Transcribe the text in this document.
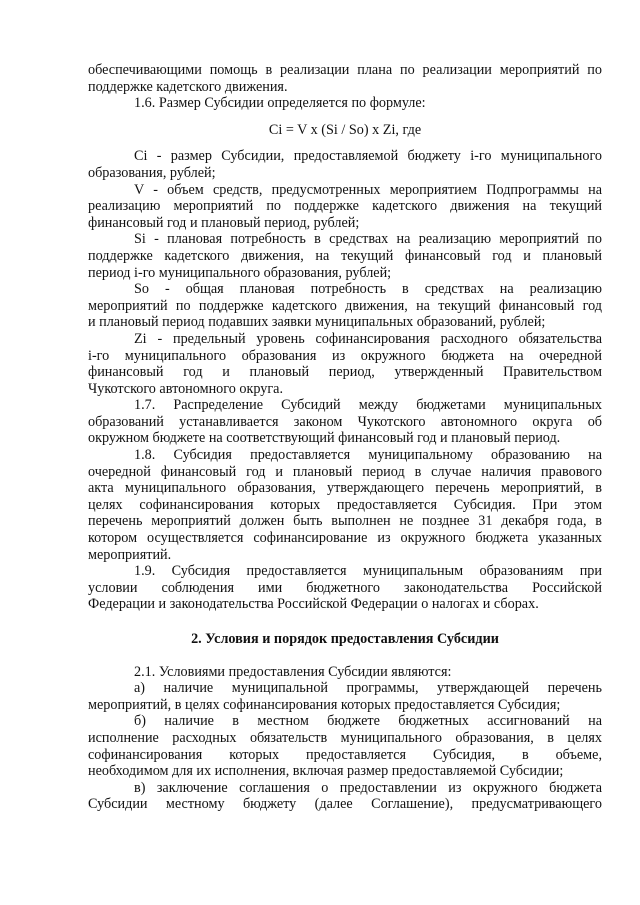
обеспечивающими помощь в реализации плана по реализации мероприятий по
поддержке кадетского движения.
1.6. Размер Субсидии определяется по формуле:
Ci = V x (Si / So) x Zi, где
Ci - размер Субсидии, предоставляемой бюджету i-го муниципального
образования, рублей;
V - объем средств, предусмотренных мероприятием Подпрограммы на
реализацию мероприятий по поддержке кадетского движения на текущий
финансовый год и плановый период, рублей;
Si - плановая потребность в средствах на реализацию мероприятий по
поддержке кадетского движения, на текущий финансовый год и плановый
период i-го муниципального образования, рублей;
So - общая плановая потребность в средствах на реализацию
мероприятий по поддержке кадетского движения, на текущий финансовый год
и плановый период подавших заявки муниципальных образований, рублей;
Zi - предельный уровень софинансирования расходного обязательства
i-го муниципального образования из окружного бюджета на очередной
финансовый год и плановый период, утвержденный Правительством
Чукотского автономного округа.
1.7. Распределение Субсидий между бюджетами муниципальных
образований устанавливается законом Чукотского автономного округа об
окружном бюджете на соответствующий финансовый год и плановый период.
1.8. Субсидия предоставляется муниципальному образованию на
очередной финансовый год и плановый период в случае наличия правового
акта муниципального образования, утверждающего перечень мероприятий, в
целях софинансирования которых предоставляется Субсидия. При этом
перечень мероприятий должен быть выполнен не позднее 31 декабря года, в
котором осуществляется софинансирование из окружного бюджета указанных
мероприятий.
1.9. Субсидия предоставляется муниципальным образованиям при
условии соблюдения ими бюджетного законодательства Российской
Федерации и законодательства Российской Федерации о налогах и сборах.
2. Условия и порядок предоставления Субсидии
2.1. Условиями предоставления Субсидии являются:
а) наличие муниципальной программы, утверждающей перечень
мероприятий, в целях софинансирования которых предоставляется Субсидия;
б) наличие в местном бюджете бюджетных ассигнований на
исполнение расходных обязательств муниципального образования, в целях
софинансирования которых предоставляется Субсидия, в объеме,
необходимом для их исполнения, включая размер предоставляемой Субсидии;
в) заключение соглашения о предоставлении из окружного бюджета
Субсидии местному бюджету (далее Соглашение), предусматривающего
